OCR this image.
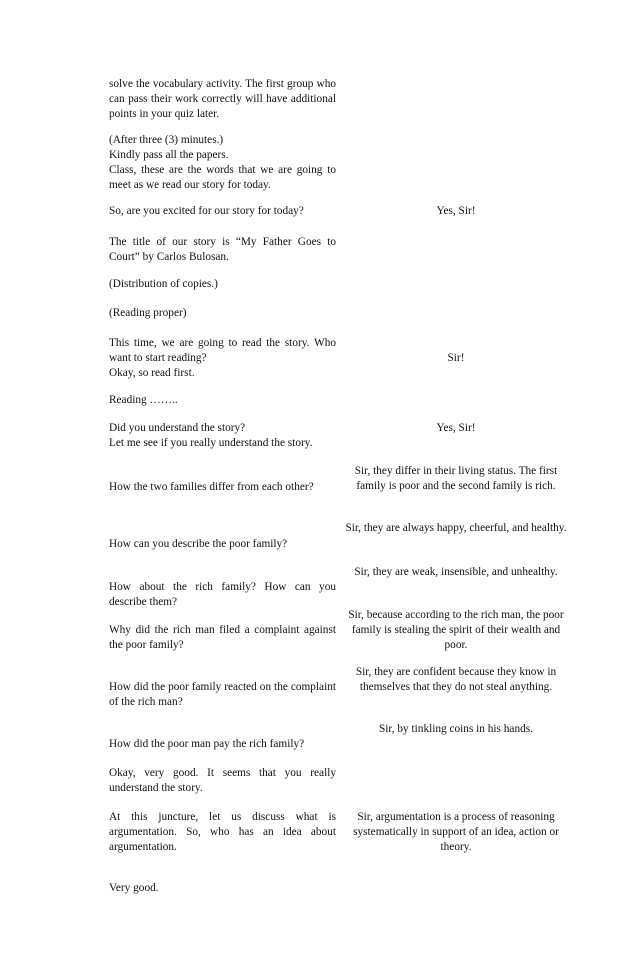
solve the vocabulary activity. The first group who can pass their work correctly will have additional points in your quiz later.

(After three (3) minutes.)

Kindly pass all the papers.

Class, these are the words that we are going to meet as we read our story for today.

So, are you excited for our story for today?

The title of our story is “My Father Goes to Court” by Carlos Bulosan.

(Distribution of copies.)

(Reading proper)

This time, we are going to read the story. Who want to start reading?

Okay, so read first.

Reading ……..

Did you understand the story?

Let me see if you really understand the story.

How the two families differ from each other?

How can you describe the poor family?

How about the rich family? How can you describe them?

Why did the rich man filed a complaint against the poor family?

How did the poor family reacted on the complaint of the rich man?

How did the poor man pay the rich family?

Okay, very good. It seems that you really understand the story.

At this juncture, let us discuss what is argumentation. So, who has an idea about argumentation.

Very good.

Yes, Sir!

Sir!

Yes, Sir!

Sir, they differ in their living status. The first family is poor and the second family is rich.

Sir, they are always happy, cheerful, and healthy.

Sir, they are weak, insensible, and unhealthy.

Sir, because according to the rich man, the poor family is stealing the spirit of their wealth and poor.

Sir, they are confident because they know in themselves that they do not steal anything.

Sir, by tinkling coins in his hands.

Sir, argumentation is a process of reasoning systematically in support of an idea, action or theory.
